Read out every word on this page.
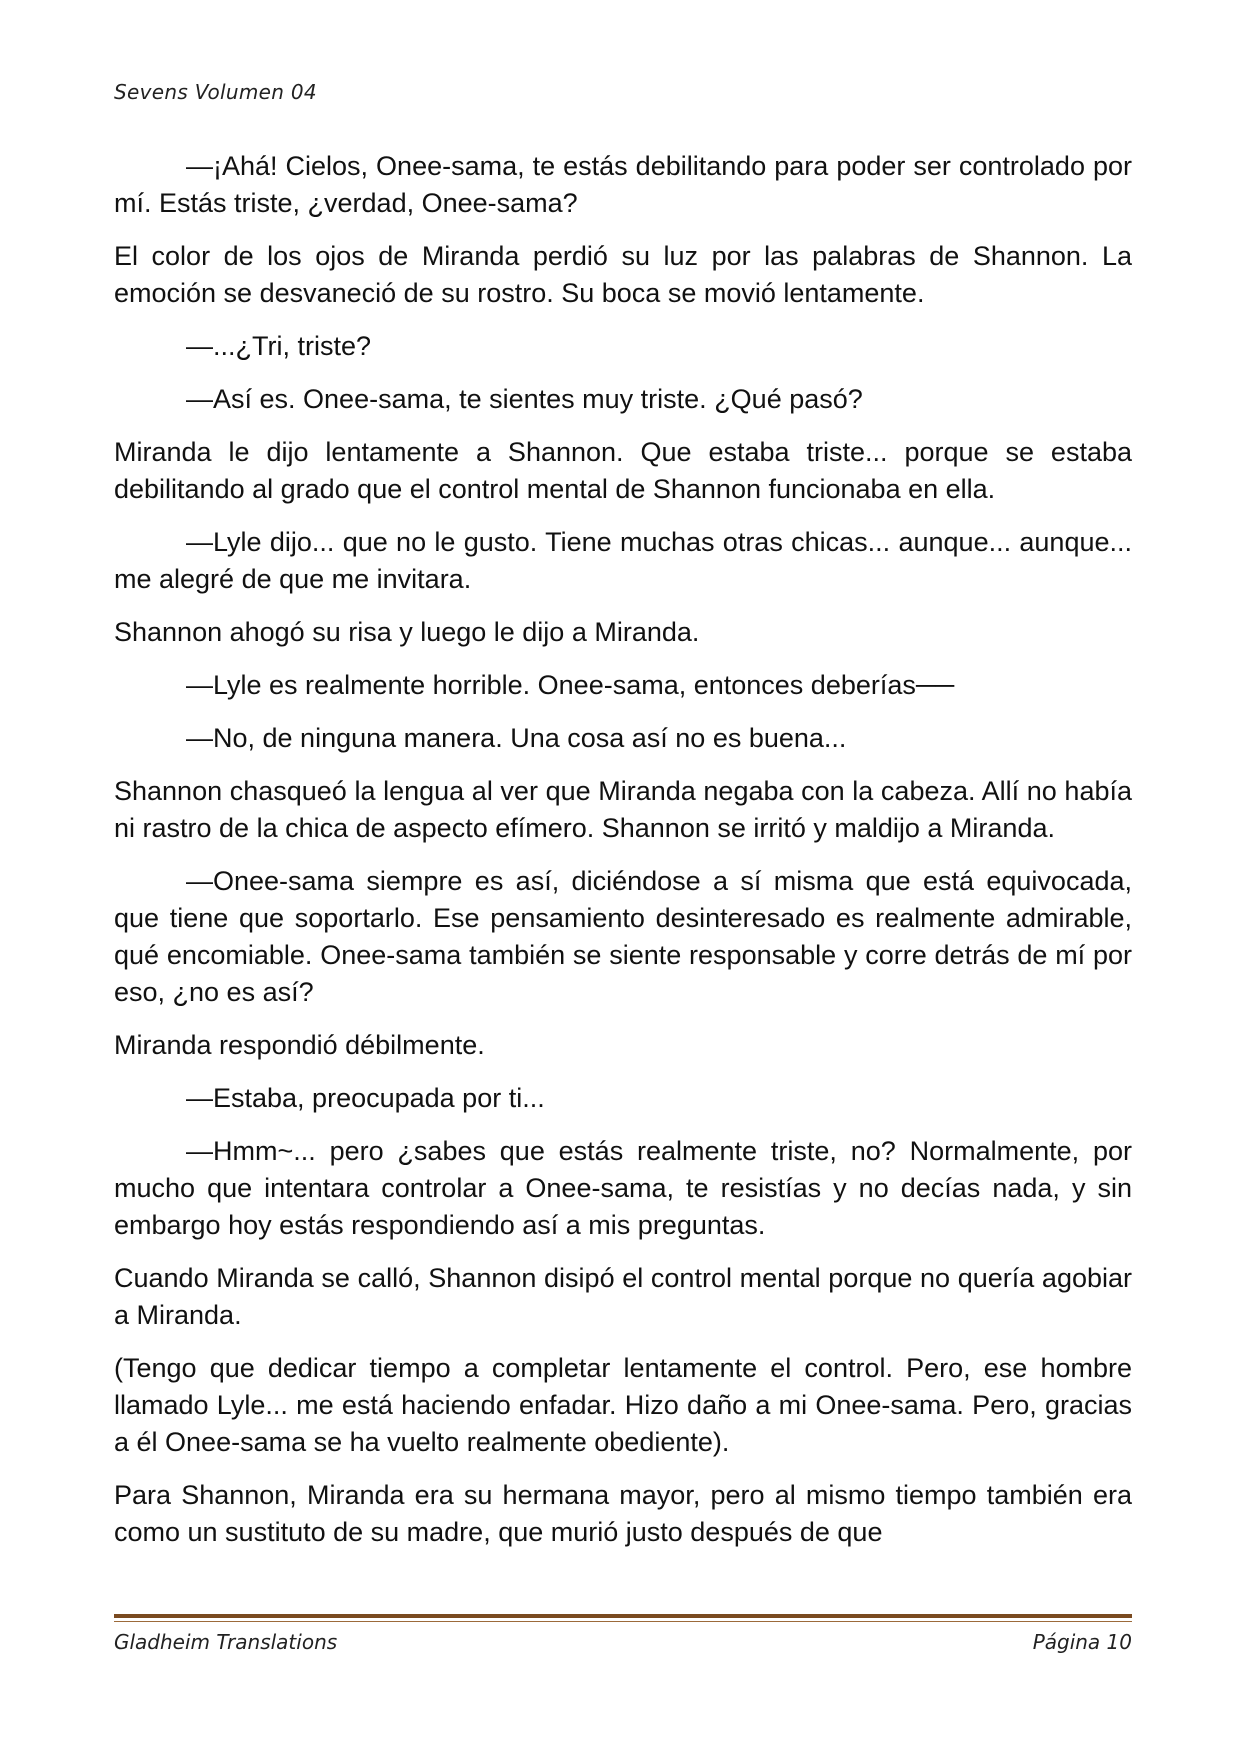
Sevens Volumen 04

—¡Ahá! Cielos, Onee-sama, te estás debilitando para poder ser controlado por mí. Estás triste, ¿verdad, Onee-sama?

El color de los ojos de Miranda perdió su luz por las palabras de Shannon. La emoción se desvaneció de su rostro. Su boca se movió lentamente.

—...¿Tri, triste?

—Así es. Onee-sama, te sientes muy triste. ¿Qué pasó?

Miranda le dijo lentamente a Shannon. Que estaba triste... porque se estaba debilitando al grado que el control mental de Shannon funcionaba en ella.

—Lyle dijo... que no le gusto. Tiene muchas otras chicas... aunque... aunque... me alegré de que me invitara.

Shannon ahogó su risa y luego le dijo a Miranda.

—Lyle es realmente horrible. Onee-sama, entonces deberías──

—No, de ninguna manera. Una cosa así no es buena...

Shannon chasqueó la lengua al ver que Miranda negaba con la cabeza. Allí no había ni rastro de la chica de aspecto efímero. Shannon se irritó y maldijo a Miranda.

—Onee-sama siempre es así, diciéndose a sí misma que está equivocada, que tiene que soportarlo. Ese pensamiento desinteresado es realmente admirable, qué encomiable. Onee-sama también se siente responsable y corre detrás de mí por eso, ¿no es así?

Miranda respondió débilmente.

—Estaba, preocupada por ti...

—Hmm~... pero ¿sabes que estás realmente triste, no? Normalmente, por mucho que intentara controlar a Onee-sama, te resistías y no decías nada, y sin embargo hoy estás respondiendo así a mis preguntas.

Cuando Miranda se calló, Shannon disipó el control mental porque no quería agobiar a Miranda.

(Tengo que dedicar tiempo a completar lentamente el control. Pero, ese hombre llamado Lyle... me está haciendo enfadar. Hizo daño a mi Onee-sama. Pero, gracias a él Onee-sama se ha vuelto realmente obediente).

Para Shannon, Miranda era su hermana mayor, pero al mismo tiempo también era como un sustituto de su madre, que murió justo después de que

Gladheim Translations	Página 10
